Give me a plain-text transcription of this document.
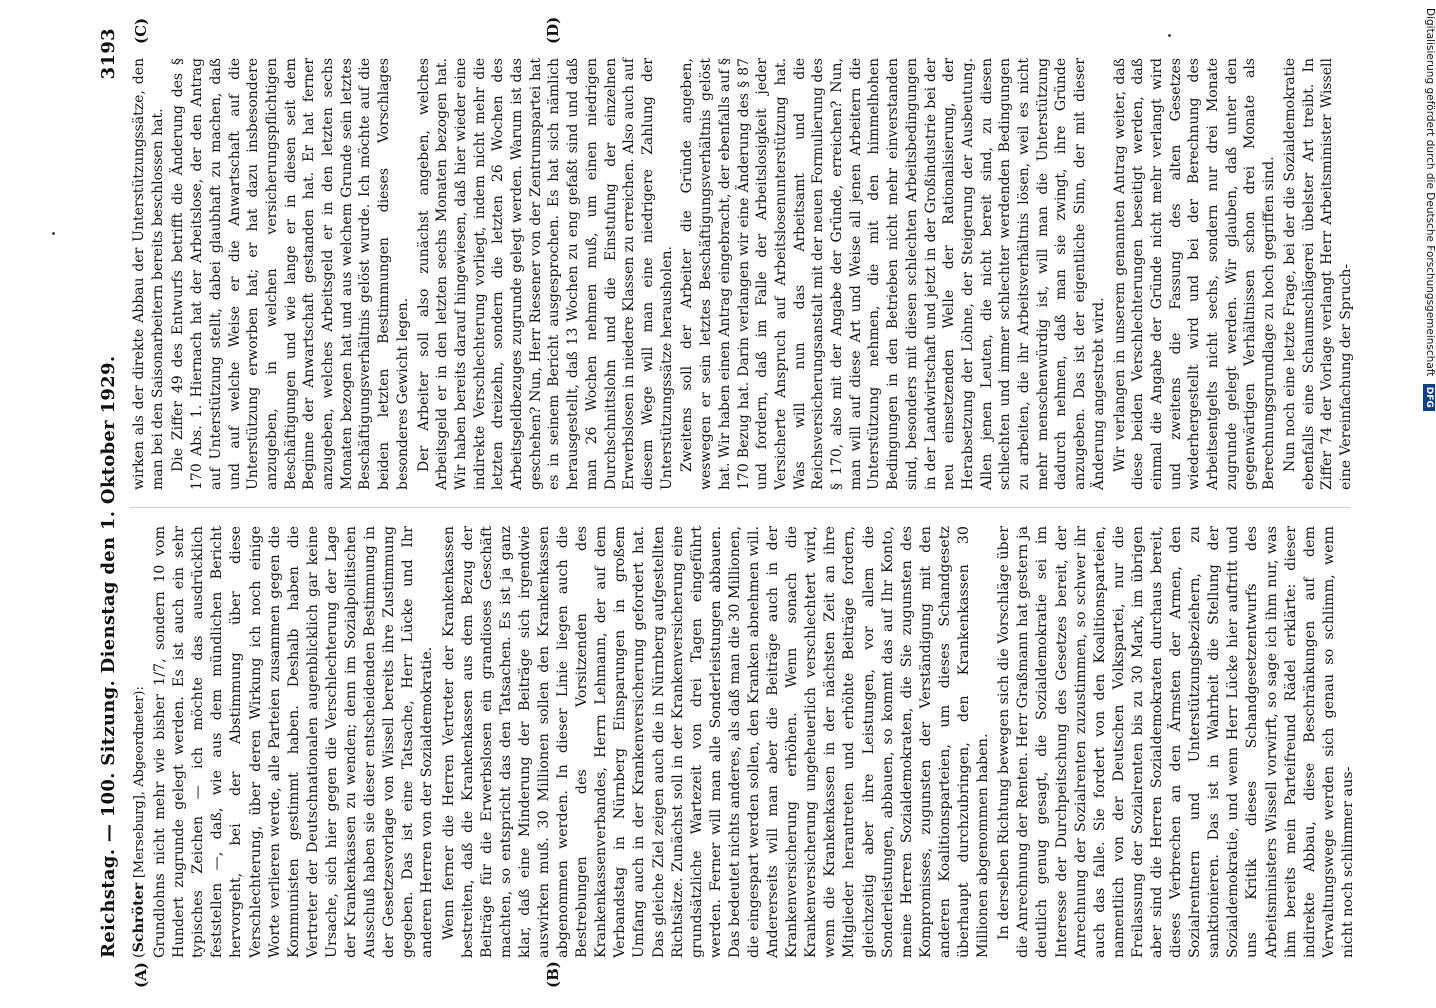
Reichstag. — 100. Sitzung. Dienstag den 1. Oktober 1929.
3193
(A)	(B)
(C)	(D)

(Schröter [Merseburg], Abgeordneter): Grundlohns nicht mehr wie bisher 1/7, sondern 10 vom Hundert zugrunde gelegt werden. Es ist auch ein sehr typisches Zeichen — ich möchte das ausdrücklich feststellen —, daß, wie aus dem mündlichen Bericht hervorgeht, bei der Abstimmung über diese Verschlechterung, über deren Wirkung ich noch einige Worte verlieren werde, alle Parteien zusammen gegen die Kommunisten gestimmt haben. Deshalb haben die Vertreter der Deutschnationalen augenblicklich gar keine Ursache, sich hier gegen die Verschlechterung der Lage der Krankenkassen zu wenden; denn im Sozialpolitischen Ausschuß haben sie dieser entscheidenden Bestimmung in der Gesetzesvorlage von Wissell bereits ihre Zustimmung gegeben. Das ist eine Tatsache, Herr Lücke und Ihr anderen Herren von der Sozialdemokratie. Wenn ferner die Herren Vertreter der Krankenkassen bestreiten, daß die Krankenkassen aus dem Bezug der Beiträge für die Erwerbslosen ein grandioses Geschäft machten, so entspricht das den Tatsachen. Es ist ja ganz klar, daß eine Minderung der Beiträge sich irgendwie auswirken muß. 30 Millionen sollen den Krankenkassen abgenommen werden. In dieser Linie liegen auch die Bestrebungen des Vorsitzenden des Krankenkassenverbandes, Herrn Lehmann, der auf dem Verbandstag in Nürnberg Einsparungen in großem Umfang auch in der Krankenversicherung gefordert hat. Das gleiche Ziel zeigen auch die in Nürnberg aufgestellten Richtsätze. Zunächst soll in der Krankenversicherung eine grundsätzliche Wartezeit von drei Tagen eingeführt werden. Ferner will man alle Sonderleistungen abbauen. Das bedeutet nichts anderes, als daß man die 30 Millionen, die eingespart werden sollen, den Kranken abnehmen will. Andererseits will man aber die Beiträge auch in der Krankenversicherung erhöhen. Wenn sonach die Krankenversicherung ungeheuerlich verschlechtert wird, wenn die Krankenkassen in der nächsten Zeit an ihre Mitglieder herantreten und erhöhte Beiträge fordern, gleichzeitig aber ihre Leistungen, vor allem die Sonderleistungen, abbauen, so kommt das auf Ihr Konto, meine Herren Sozialdemokraten, die Sie zugunsten des Kompromisses, zugunsten der Verständigung mit den anderen Koalitionsparteien, um dieses Schandgesetz überhaupt durchzubringen, den Krankenkassen 30 Millionen abgenommen haben. In derselben Richtung bewegen sich die Vorschläge über die Anrechnung der Renten. Herr Graßmann hat gestern ja deutlich genug gesagt, die Sozialdemokratie sei im Interesse der Durchpeitschung des Gesetzes bereit, der Anrechnung der Sozialrenten zuzustimmen, so schwer ihr auch das falle. Sie fordert von den Koalitionsparteien, namentlich von der Deutschen Volkspartei, nur die Freilassung der Sozialrenten bis zu 30 Mark, im übrigen aber sind die Herren Sozialdemokraten durchaus bereit, dieses Verbrechen an den Ärmsten der Armen, den Sozialrentnern und Unterstützungsbeziehern, zu sanktionieren. Das ist in Wahrheit die Stellung der Sozialdemokratie, und wenn Herr Lücke hier auftritt und uns Kritik dieses Schandgesetzentwurfs des Arbeitsministers Wissell vorwirft, so sage ich ihm nur, was ihm bereits mein Parteifreund Rädel erklärte: dieser indirekte Abbau, diese Beschränkungen auf dem Verwaltungswege werden sich genau so schlimm, wenn nicht noch schlimmer aus-

wirken als der direkte Abbau der Unterstützungssätze, den man bei den Saisonarbeitern bereits beschlossen hat. Die Ziffer 49 des Entwurfs betrifft die Änderung des § 170 Abs. 1. Hiernach hat der Arbeitslose, der den Antrag auf Unterstützung stellt, dabei glaubhaft zu machen, daß und auf welche Weise er die Anwartschaft auf die Unterstützung erworben hat; er hat dazu insbesondere anzugeben, in welchen versicherungspflichtigen Beschäftigungen und wie lange er in diesen seit dem Beginne der Anwartschaft gestanden hat. Er hat ferner anzugeben, welches Arbeitsgeld er in den letzten sechs Monaten bezogen hat und aus welchem Grunde sein letztes Beschäftigungsverhältnis gelöst wurde. Ich möchte auf die beiden letzten Bestimmungen dieses Vorschlages besonderes Gewicht legen. Der Arbeiter soll also zunächst angeben, welches Arbeitsgeld er in den letzten sechs Monaten bezogen hat. Wir haben bereits darauf hingewiesen, daß hier wieder eine indirekte Verschlechterung vorliegt, indem nicht mehr die letzten dreizehn, sondern die letzten 26 Wochen des Arbeitsgeldbezuges zugrunde gelegt werden. Warum ist das geschehen? Nun, Herr Riesener von der Zentrumspartei hat es in seinem Bericht ausgesprochen. Es hat sich nämlich herausgestellt, daß 13 Wochen zu eng gefaßt sind und daß man 26 Wochen nehmen muß, um einen niedrigen Durchschnittslohn und die Einstufung der einzelnen Erwerbslosen in niedere Klassen zu erreichen. Also auch auf diesem Wege will man eine niedrigere Zahlung der Unterstützungssätze herausholen. Zweitens soll der Arbeiter die Gründe angeben, weswegen er sein letztes Beschäftigungsverhältnis gelöst hat. Wir haben einen Antrag eingebracht, der ebenfalls auf § 170 Bezug hat. Darin verlangen wir eine Änderung des § 87 und fordern, daß im Falle der Arbeitslosigkeit jeder Versicherte Anspruch auf Arbeitslosenunterstützung hat. Was will nun das Arbeitsamt und die Reichsversicherungsanstalt mit der neuen Formulierung des § 170, also mit der Angabe der Gründe, erreichen? Nun, man will auf diese Art und Weise all jenen Arbeitern die Unterstützung nehmen, die mit den himmelhohen Bedingungen in den Betrieben nicht mehr einverstanden sind, besonders mit diesen schlechten Arbeitsbedingungen in der Landwirtschaft und jetzt in der Großindustrie bei der neu einsetzenden Welle der Rationalisierung, der Herabsetzung der Löhne, der Steigerung der Ausbeutung. Allen jenen Leuten, die nicht bereit sind, zu diesen schlechten und immer schlechter werdenden Bedingungen zu arbeiten, die ihr Arbeitsverhältnis lösen, weil es nicht mehr menschenwürdig ist, will man die Unterstützung dadurch nehmen, daß man sie zwingt, ihre Gründe anzugeben. Das ist der eigentliche Sinn, der mit dieser Änderung angestrebt wird. Wir verlangen in unserem genannten Antrag weiter, daß diese beiden Verschlechterungen beseitigt werden, daß einmal die Angabe der Gründe nicht mehr verlangt wird und zweitens die Fassung des alten Gesetzes wiederhergestellt wird und bei der Berechnung des Arbeitsentgelts nicht sechs, sondern nur drei Monate zugrunde gelegt werden. Wir glauben, daß unter den gegenwärtigen Verhältnissen schon drei Monate als Berechnungsgrundlage zu hoch gegriffen sind. Nun noch eine letzte Frage, bei der die Sozialdemokratie ebenfalls eine Schaumschlägerei übelster Art treibt. In Ziffer 74 der Vorlage verlangt Herr Arbeitsminister Wissell eine Vereinfachung der Spruch-

Digitalisierung gefördert durch die Deutsche Forschungsgemeinschaft DFG
